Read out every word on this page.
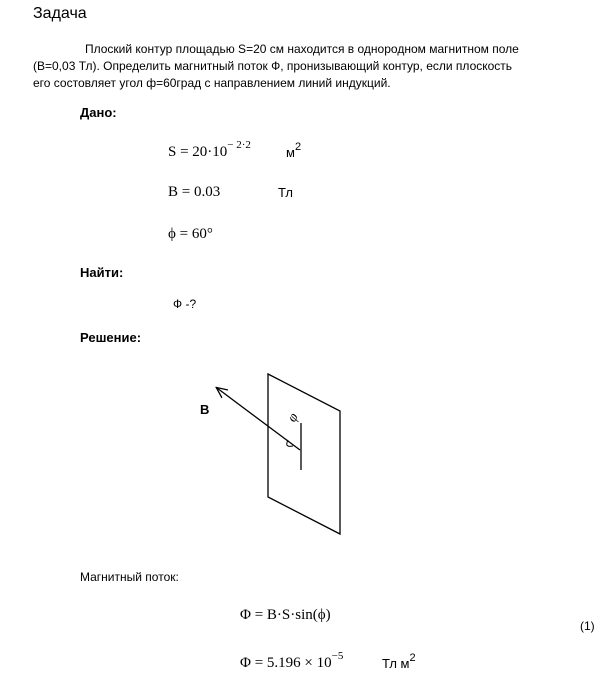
Задача
Плоский контур площадью S=20 см находится в однородном магнитном поле
(B=0,03 Тл). Определить магнитный поток Ф, пронизывающий контур, если плоскость
его состовляет угол ф=60град с направлением линий индукций.
Дано:
$S = 20\cdot 10^{- 2\cdot 2}$	$м^2$
B = 0.03	Тл
ϕ = 60°
Найти:
Ф -?
Решение:
B
φ
Магнитный поток:
Φ = B·S·sin(ϕ)
(1)
$\Phi = 5.196 \times 10^{-5}$	Тл $м^2$
